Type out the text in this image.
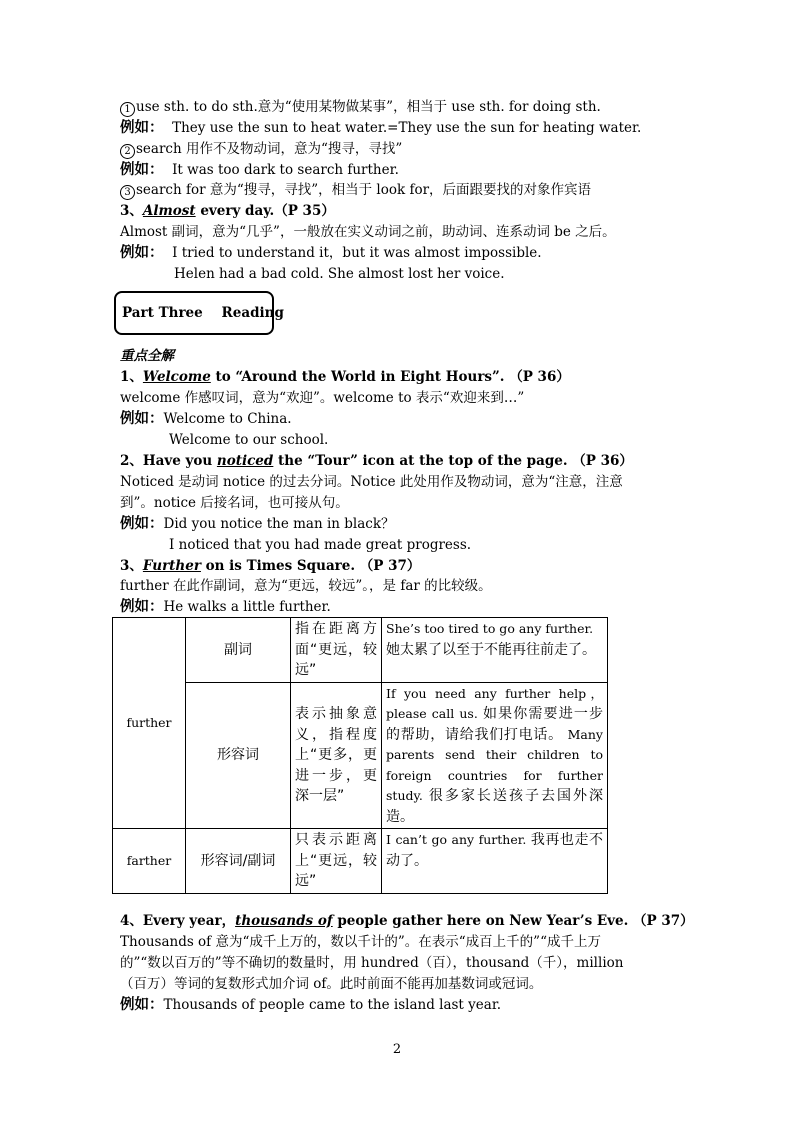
1 use sth. to do sth.意为“使用某物做某事”，相当于 use sth. for doing sth.
例如： They use the sun to heat water.=They use the sun for heating water.
2 search 用作不及物动词，意为“搜寻，寻找”
例如： It was too dark to search further.
3 search for 意为“搜寻，寻找”，相当于 look for，后面跟要找的对象作宾语
3、Almost every day.（P 35）
Almost 副词，意为“几乎”，一般放在实义动词之前，助动词、连系动词 be 之后。
例如： I tried to understand it，but it was almost impossible.
Helen had a bad cold. She almost lost her voice.
Part Three    Reading
重点全解
1、Welcome to “Around the World in Eight Hours”. （P 36）
welcome 作感叹词，意为“欢迎”。welcome to 表示“欢迎来到…”
例如：Welcome to China.
Welcome to our school.
2、Have you noticed the “Tour” icon at the top of the page. （P 36）
Noticed 是动词 notice 的过去分词。Notice 此处用作及物动词，意为“注意，注意
到”。notice 后接名词，也可接从句。
例如：Did you notice the man in black？
I noticed that you had made great progress.
3、Further on is Times Square. （P 37）
further 在此作副词，意为“更远，较远”。，是 far 的比较级。
例如：He walks a little further.
further	副词	指在距离方面“更远，较远”	She’s too tired to go any further.
她太累了以至于不能再往前走了。
	形容词	表示抽象意义，指程度上“更多，更进一步，更深一层”	If you need any further help，please call us. 如果你需要进一步的帮助，请给我们打电话。 Many parents send their children to foreign countries for further study. 很多家长送孩子去国外深造。
farther	形容词/副词	只表示距离上“更远，较远”	I can’t go any further. 我再也走不动了。
4、Every year，thousands of people gather here on New Year’s Eve. （P 37）
Thousands of 意为“成千上万的，数以千计的”。在表示“成百上千的”“成千上万
的”“数以百万的”等不确切的数量时，用 hundred（百），thousand（千），million
（百万）等词的复数形式加介词 of。此时前面不能再加基数词或冠词。
例如：Thousands of people came to the island last year.
2
